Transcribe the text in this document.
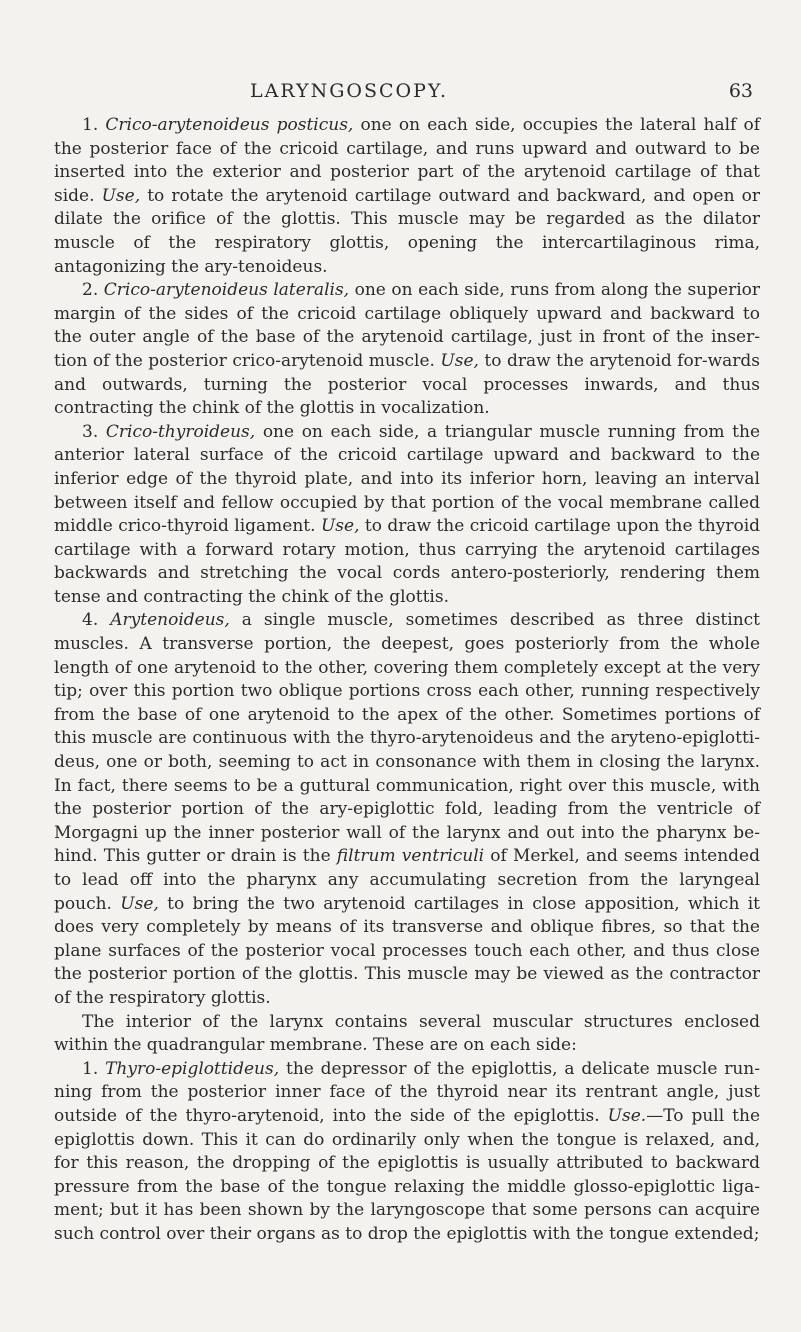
LARYNGOSCOPY.	63

1. Crico-arytenoideus posticus, one on each side, occupies the lateral half of the posterior face of the cricoid cartilage, and runs upward and outward to be inserted into the exterior and posterior part of the arytenoid cartilage of that side. Use, to rotate the arytenoid cartilage outward and backward, and open or dilate the orifice of the glottis. This muscle may be regarded as the dilator muscle of the respiratory glottis, opening the intercartilaginous rima, antagonizing the ary-tenoideus.

2. Crico-arytenoideus lateralis, one on each side, runs from along the superior margin of the sides of the cricoid cartilage obliquely upward and backward to the outer angle of the base of the arytenoid cartilage, just in front of the inser-tion of the posterior crico-arytenoid muscle. Use, to draw the arytenoid for-wards and outwards, turning the posterior vocal processes inwards, and thus contracting the chink of the glottis in vocalization.

3. Crico-thyroideus, one on each side, a triangular muscle running from the anterior lateral surface of the cricoid cartilage upward and backward to the inferior edge of the thyroid plate, and into its inferior horn, leaving an interval between itself and fellow occupied by that portion of the vocal membrane called middle crico-thyroid ligament. Use, to draw the cricoid cartilage upon the thyroid cartilage with a forward rotary motion, thus carrying the arytenoid cartilages backwards and stretching the vocal cords antero-posteriorly, rendering them tense and contracting the chink of the glottis.

4. Arytenoideus, a single muscle, sometimes described as three distinct muscles. A transverse portion, the deepest, goes posteriorly from the whole length of one arytenoid to the other, covering them completely except at the very tip; over this portion two oblique portions cross each other, running respectively from the base of one arytenoid to the apex of the other. Sometimes portions of this muscle are continuous with the thyro-arytenoideus and the aryteno-epiglotti-deus, one or both, seeming to act in consonance with them in closing the larynx. In fact, there seems to be a guttural communication, right over this muscle, with the posterior portion of the ary-epiglottic fold, leading from the ventricle of Morgagni up the inner posterior wall of the larynx and out into the pharynx be-hind. This gutter or drain is the filtrum ventriculi of Merkel, and seems intended to lead off into the pharynx any accumulating secretion from the laryngeal pouch. Use, to bring the two arytenoid cartilages in close apposition, which it does very completely by means of its transverse and oblique fibres, so that the plane surfaces of the posterior vocal processes touch each other, and thus close the posterior portion of the glottis. This muscle may be viewed as the contractor of the respiratory glottis.

The interior of the larynx contains several muscular structures enclosed within the quadrangular membrane. These are on each side:

1. Thyro-epiglottideus, the depressor of the epiglottis, a delicate muscle run-ning from the posterior inner face of the thyroid near its rentrant angle, just outside of the thyro-arytenoid, into the side of the epiglottis. Use.—To pull the epiglottis down. This it can do ordinarily only when the tongue is relaxed, and, for this reason, the dropping of the epiglottis is usually attributed to backward pressure from the base of the tongue relaxing the middle glosso-epiglottic liga-ment; but it has been shown by the laryngoscope that some persons can acquire such control over their organs as to drop the epiglottis with the tongue extended;
